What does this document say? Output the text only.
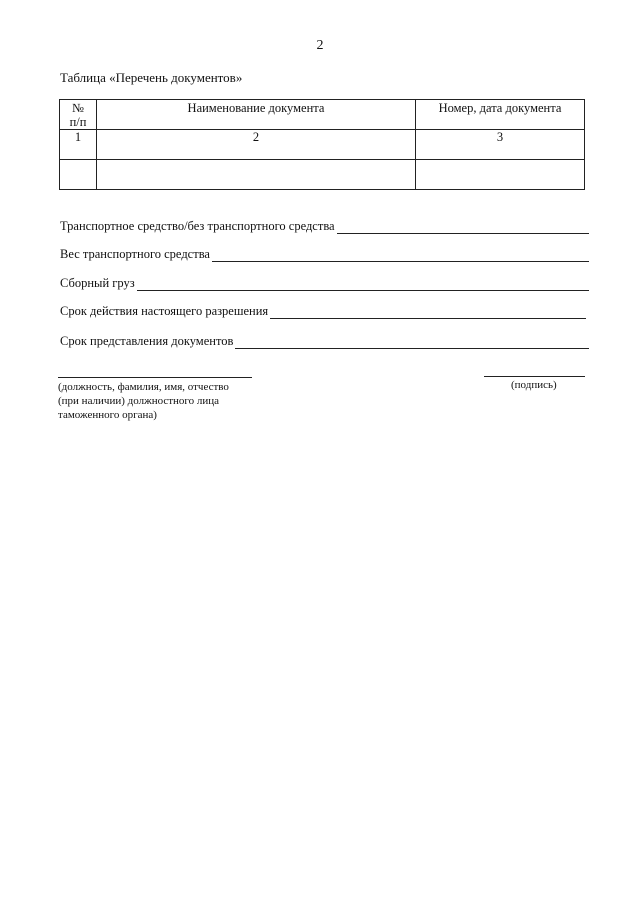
2
Таблица «Перечень документов»
№
п/п	Наименование документа	Номер, дата документа
1	2	3

Транспортное средство/без транспортного средства
Вес транспортного средства
Сборный груз
Срок действия настоящего разрешения
Срок представления документов
(должность, фамилия, имя, отчество
(при наличии) должностного лица
таможенного органа)
(подпись)
